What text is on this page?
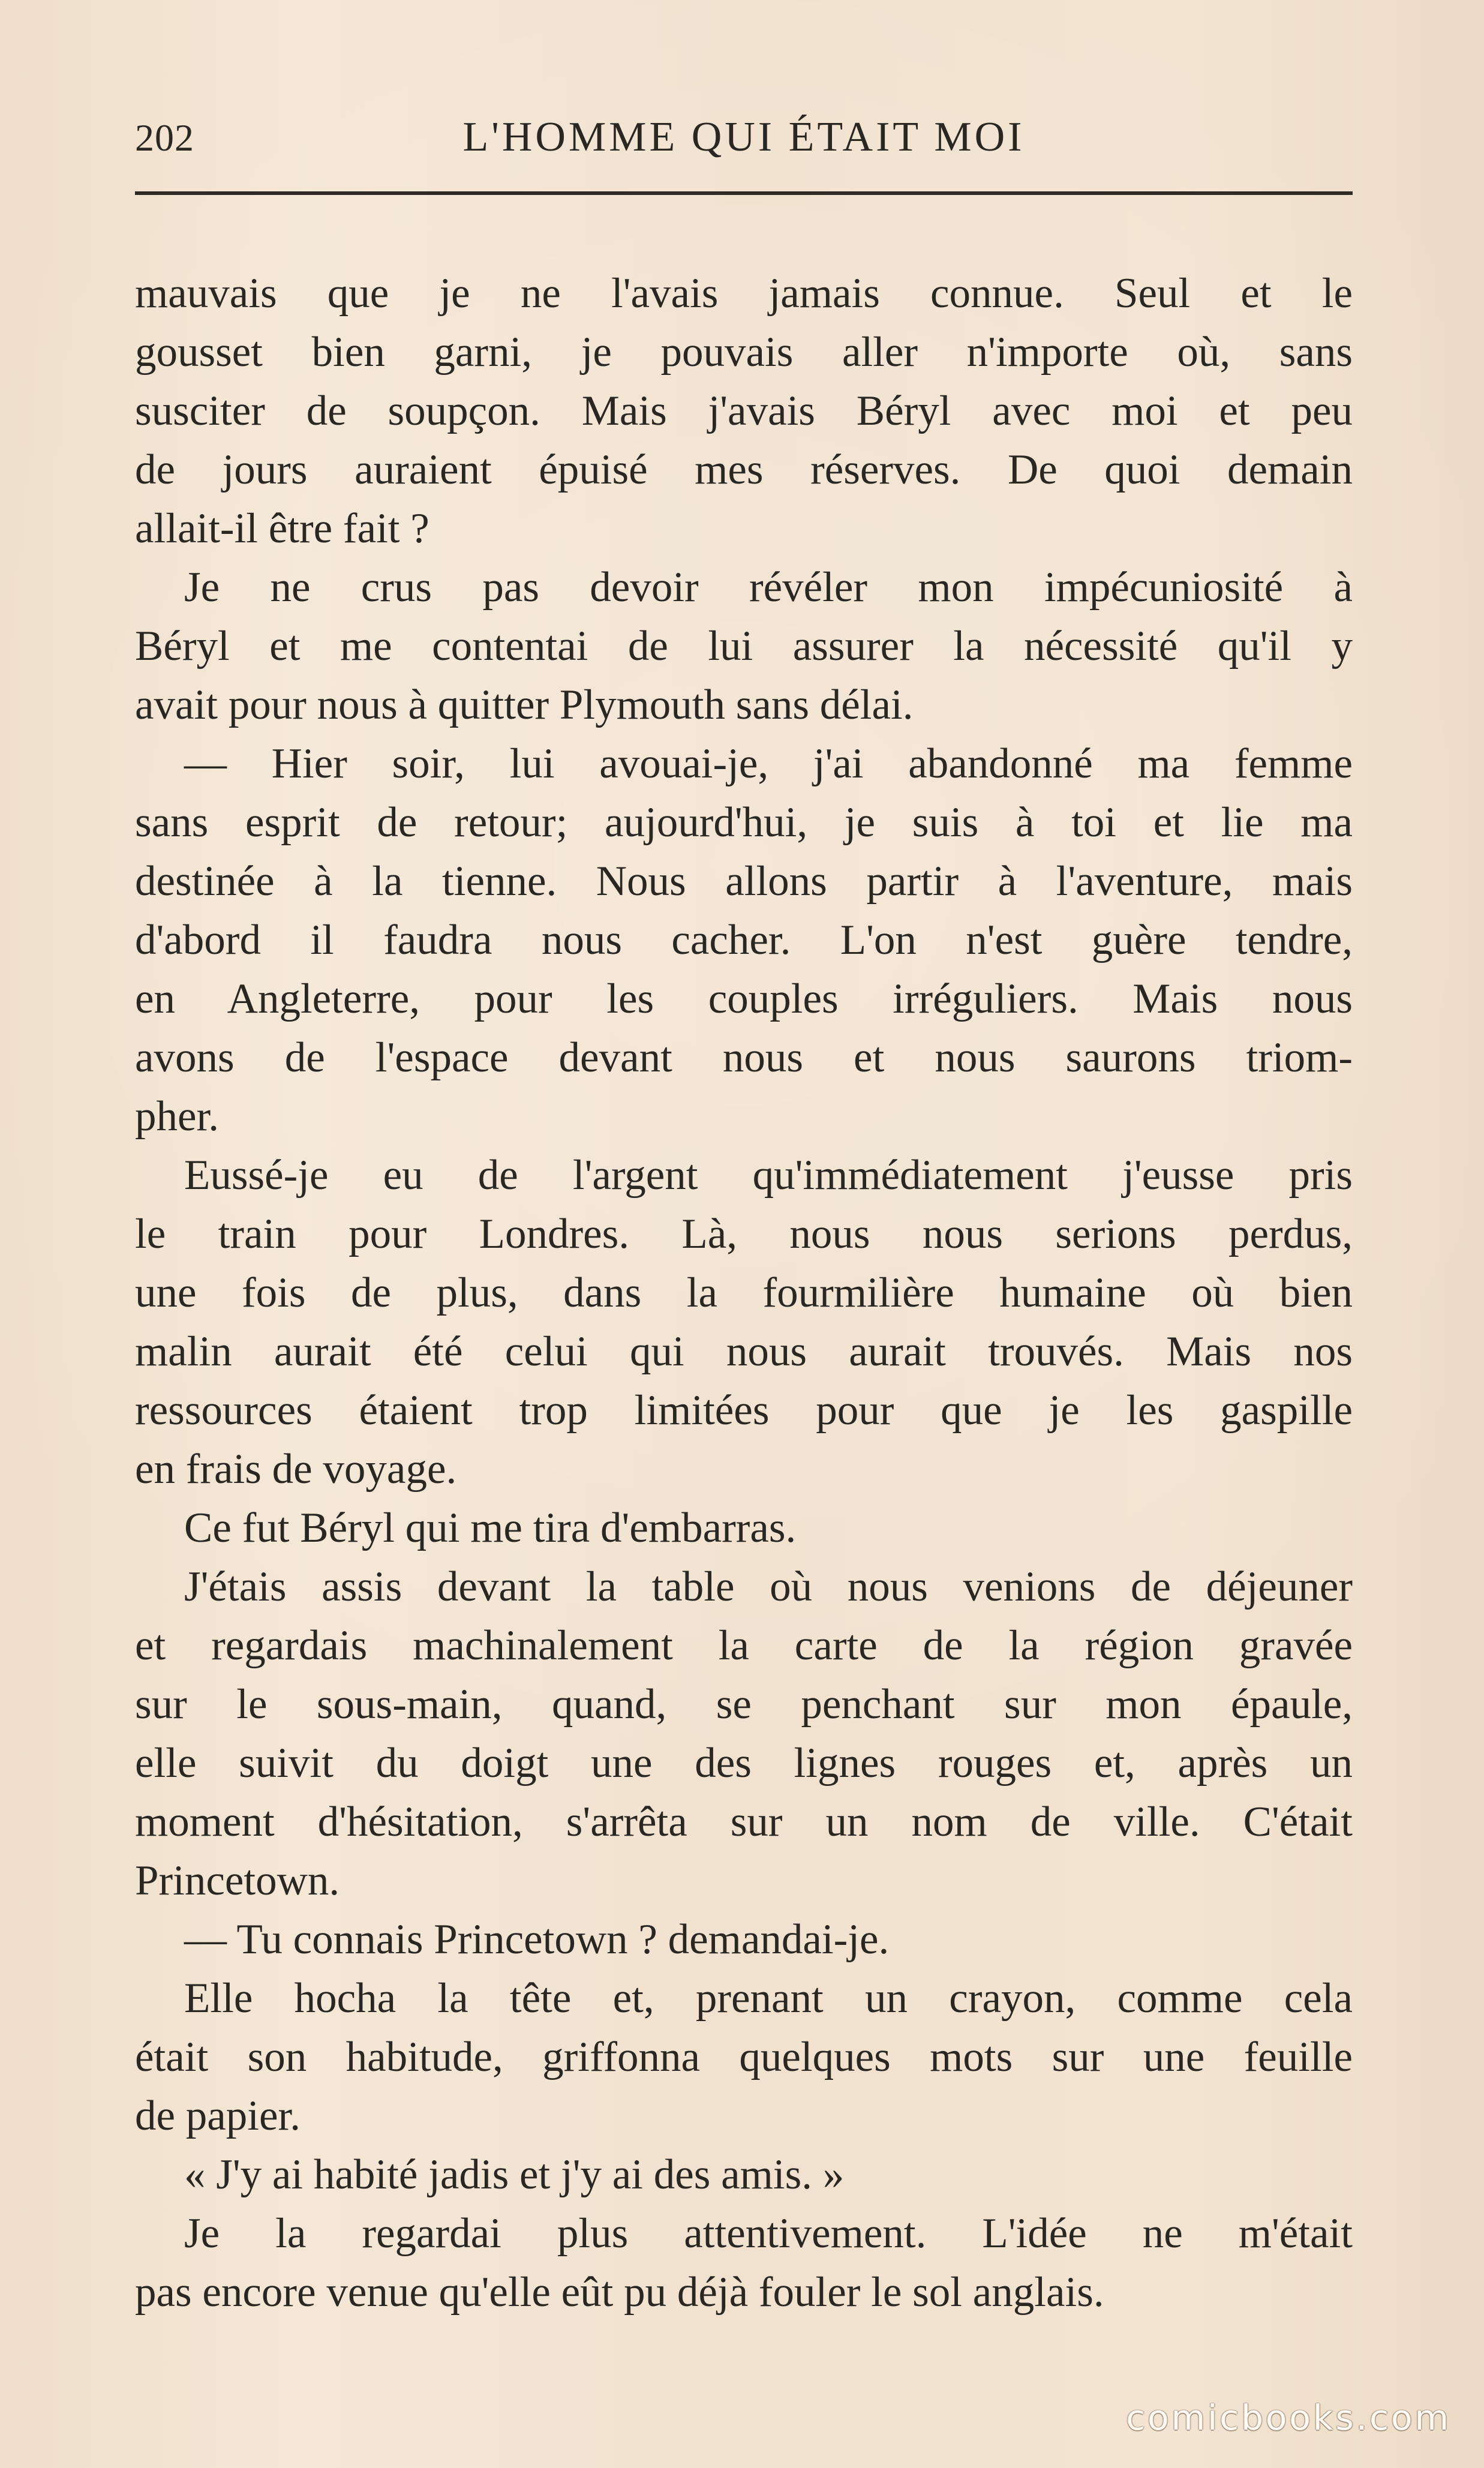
202	L'HOMME QUI ÉTAIT MOI
mauvais que je ne l'avais jamais connue. Seul et le
gousset bien garni, je pouvais aller n'importe où, sans
susciter de soupçon. Mais j'avais Béryl avec moi et peu
de jours auraient épuisé mes réserves. De quoi demain
allait-il être fait ?
Je ne crus pas devoir révéler mon impécuniosité à
Béryl et me contentai de lui assurer la nécessité qu'il y
avait pour nous à quitter Plymouth sans délai.
— Hier soir, lui avouai-je, j'ai abandonné ma femme
sans esprit de retour; aujourd'hui, je suis à toi et lie ma
destinée à la tienne. Nous allons partir à l'aventure, mais
d'abord il faudra nous cacher. L'on n'est guère tendre,
en Angleterre, pour les couples irréguliers. Mais nous
avons de l'espace devant nous et nous saurons triom-
pher.
Eussé-je eu de l'argent qu'immédiatement j'eusse pris
le train pour Londres. Là, nous nous serions perdus,
une fois de plus, dans la fourmilière humaine où bien
malin aurait été celui qui nous aurait trouvés. Mais nos
ressources étaient trop limitées pour que je les gaspille
en frais de voyage.
Ce fut Béryl qui me tira d'embarras.
J'étais assis devant la table où nous venions de déjeuner
et regardais machinalement la carte de la région gravée
sur le sous-main, quand, se penchant sur mon épaule,
elle suivit du doigt une des lignes rouges et, après un
moment d'hésitation, s'arrêta sur un nom de ville. C'était
Princetown.
— Tu connais Princetown ? demandai-je.
Elle hocha la tête et, prenant un crayon, comme cela
était son habitude, griffonna quelques mots sur une feuille
de papier.
« J'y ai habité jadis et j'y ai des amis. »
Je la regardai plus attentivement. L'idée ne m'était
pas encore venue qu'elle eût pu déjà fouler le sol anglais.
comicbooks.com
